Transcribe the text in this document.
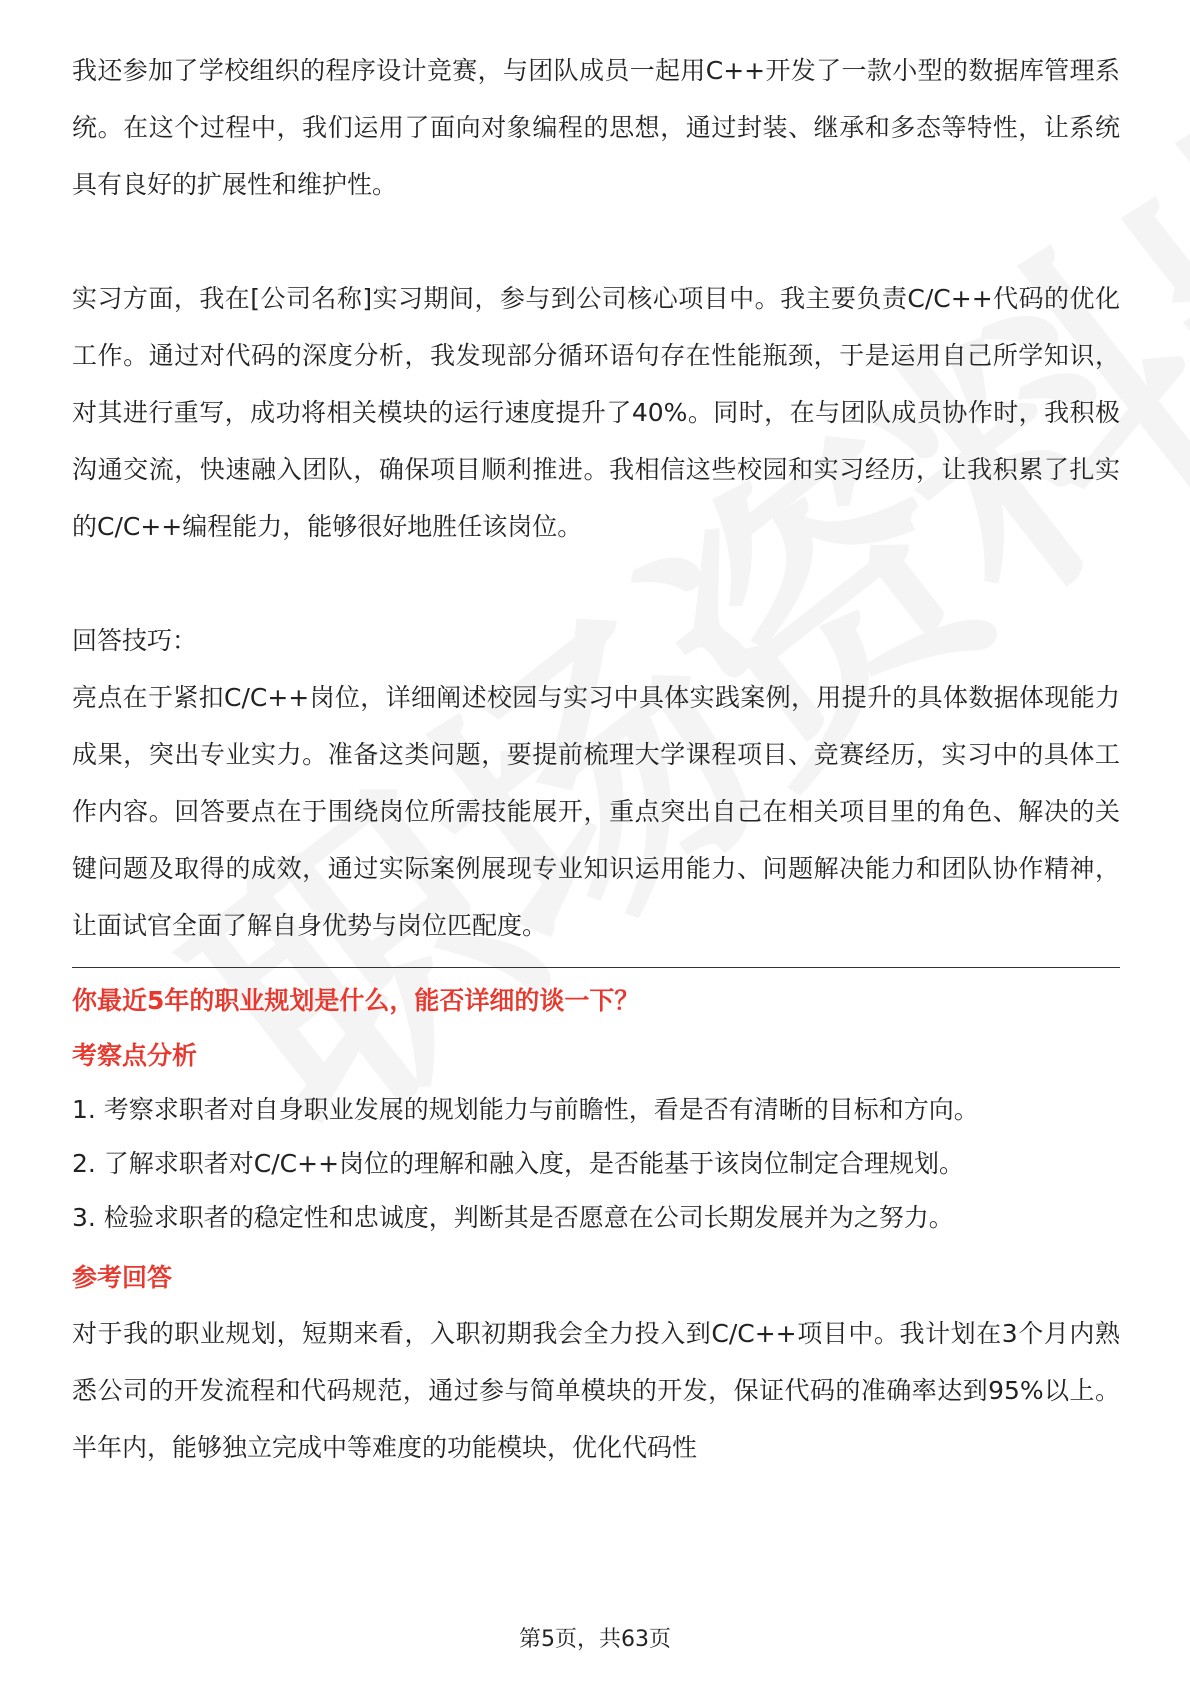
我还参加了学校组织的程序设计竞赛，与团队成员一起用C++开发了一款小型的数据库管理系统。在这个过程中，我们运用了面向对象编程的思想，通过封装、继承和多态等特性，让系统具有良好的扩展性和维护性。

实习方面，我在[公司名称]实习期间，参与到公司核心项目中。我主要负责C/C++代码的优化工作。通过对代码的深度分析，我发现部分循环语句存在性能瓶颈，于是运用自己所学知识，对其进行重写，成功将相关模块的运行速度提升了40%。同时，在与团队成员协作时，我积极沟通交流，快速融入团队，确保项目顺利推进。我相信这些校园和实习经历，让我积累了扎实的C/C++编程能力，能够很好地胜任该岗位。

回答技巧：

亮点在于紧扣C/C++岗位，详细阐述校园与实习中具体实践案例，用提升的具体数据体现能力成果，突出专业实力。准备这类问题，要提前梳理大学课程项目、竞赛经历，实习中的具体工作内容。回答要点在于围绕岗位所需技能展开，重点突出自己在相关项目里的角色、解决的关键问题及取得的成效，通过实际案例展现专业知识运用能力、问题解决能力和团队协作精神，让面试官全面了解自身优势与岗位匹配度。

你最近5年的职业规划是什么，能否详细的谈一下？
考察点分析

1. 考察求职者对自身职业发展的规划能力与前瞻性，看是否有清晰的目标和方向。

2. 了解求职者对C/C++岗位的理解和融入度，是否能基于该岗位制定合理规划。

3. 检验求职者的稳定性和忠诚度，判断其是否愿意在公司长期发展并为之努力。

参考回答

对于我的职业规划，短期来看，入职初期我会全力投入到C/C++项目中。我计划在3个月内熟悉公司的开发流程和代码规范，通过参与简单模块的开发，保证代码的准确率达到95%以上。半年内，能够独立完成中等难度的功能模块，优化代码性

第5页，共63页
